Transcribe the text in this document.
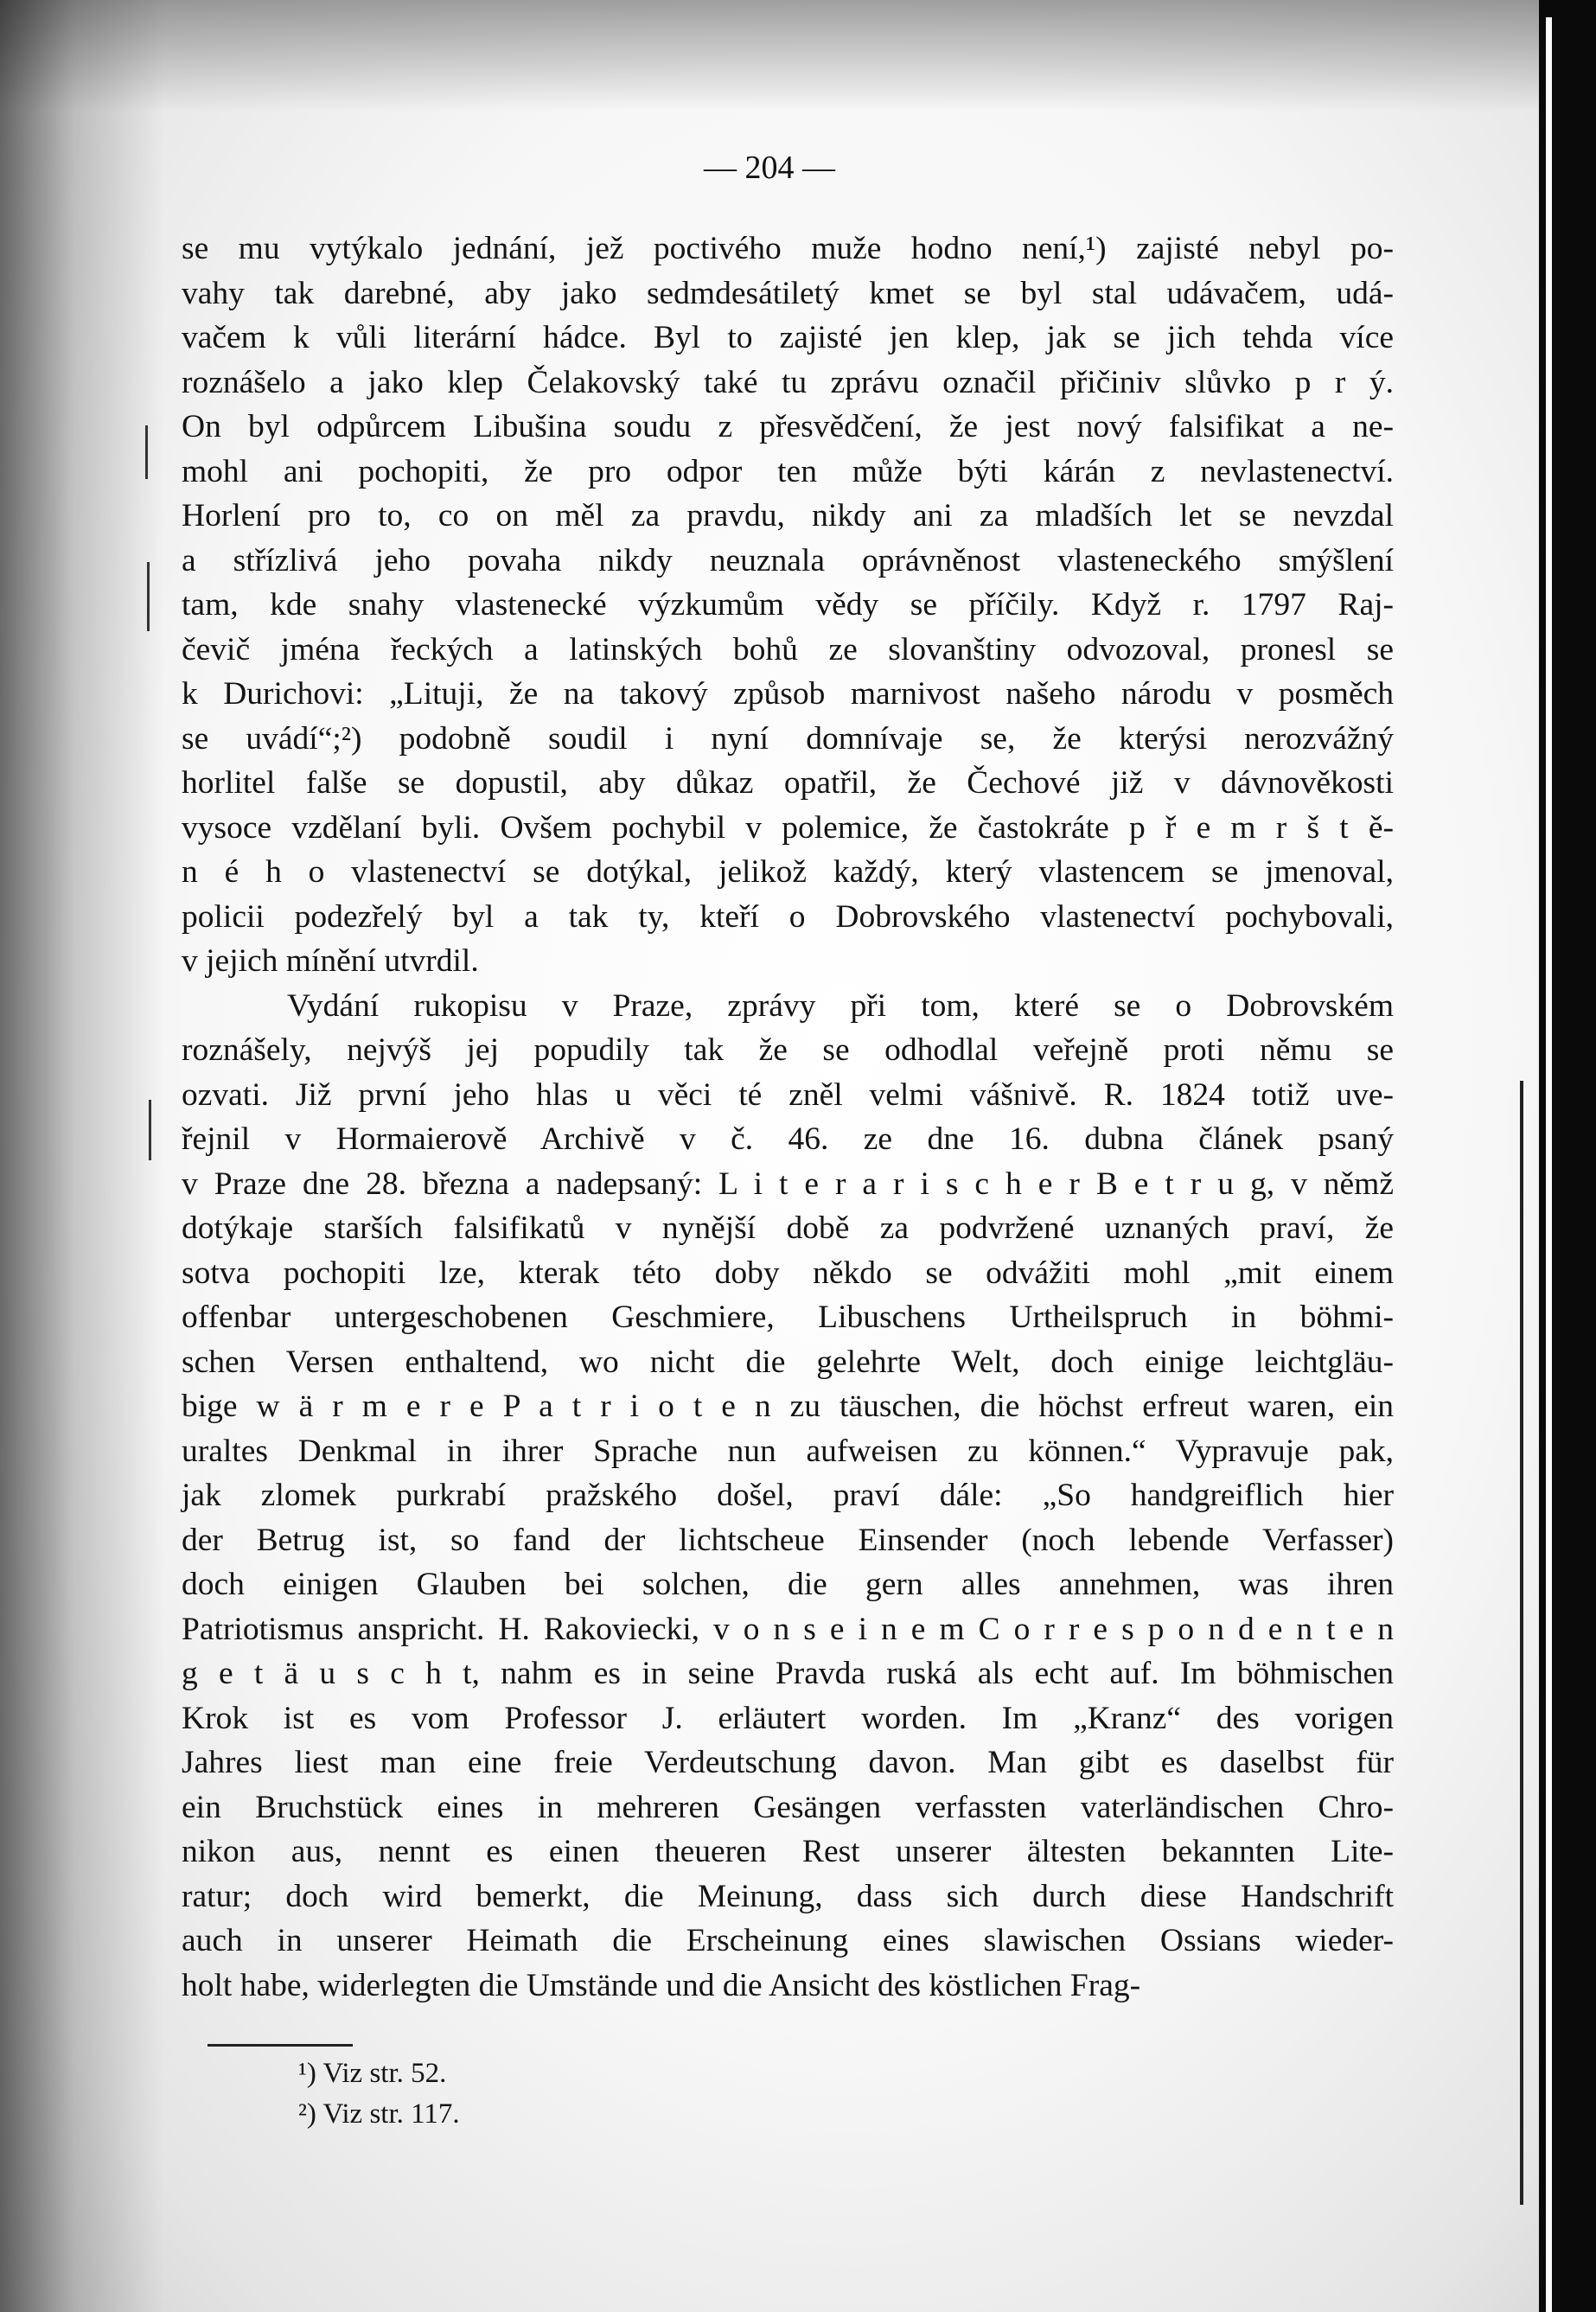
— 204 —
se mu vytýkalo jednání, jež poctivého muže hodno není,¹) zajisté nebyl po-
vahy tak darebné, aby jako sedmdesátiletý kmet se byl stal udávačem, udá-
vačem k vůli literární hádce. Byl to zajisté jen klep, jak se jich tehda více
roznášelo a jako klep Čelakovský také tu zprávu označil přičiniv slůvko p r ý.
On byl odpůrcem Libušina soudu z přesvědčení, že jest nový falsifikat a ne-
mohl ani pochopiti, že pro odpor ten může býti kárán z nevlastenectví.
Horlení pro to, co on měl za pravdu, nikdy ani za mladších let se nevzdal
a střízlivá jeho povaha nikdy neuznala oprávněnost vlasteneckého smýšlení
tam, kde snahy vlastenecké výzkumům vědy se příčily. Když r. 1797 Raj-
čevič jména řeckých a latinských bohů ze slovanštiny odvozoval, pronesl se
k Durichovi: „Lituji, že na takový způsob marnivost našeho národu v posměch
se uvádí“;²) podobně soudil i nyní domnívaje se, že kterýsi nerozvážný
horlitel falše se dopustil, aby důkaz opatřil, že Čechové již v dávnověkosti
vysoce vzdělaní byli. Ovšem pochybil v polemice, že častokráte p ř e m r š t ě-
n é h o vlastenectví se dotýkal, jelikož každý, který vlastencem se jmenoval,
policii podezřelý byl a tak ty, kteří o Dobrovského vlastenectví pochybovali,
v jejich mínění utvrdil.
Vydání rukopisu v Praze, zprávy při tom, které se o Dobrovském
roznášely, nejvýš jej popudily tak že se odhodlal veřejně proti němu se
ozvati. Již první jeho hlas u věci té zněl velmi vášnivě. R. 1824 totiž uve-
řejnil v Hormaierově Archivě v č. 46. ze dne 16. dubna článek psaný
v Praze dne 28. března a nadepsaný: L i t e r a r i s c h e r B e t r u g, v němž
dotýkaje starších falsifikatů v nynější době za podvržené uznaných praví, že
sotva pochopiti lze, kterak této doby někdo se odvážiti mohl „mit einem
offenbar untergeschobenen Geschmiere, Libuschens Urtheilspruch in böhmi-
schen Versen enthaltend, wo nicht die gelehrte Welt, doch einige leichtgläu-
bige w ä r m e r e P a t r i o t e n zu täuschen, die höchst erfreut waren, ein
uraltes Denkmal in ihrer Sprache nun aufweisen zu können.“ Vypravuje pak,
jak zlomek purkrabí pražského došel, praví dále: „So handgreiflich hier
der Betrug ist, so fand der lichtscheue Einsender (noch lebende Verfasser)
doch einigen Glauben bei solchen, die gern alles annehmen, was ihren
Patriotismus anspricht. H. Rakoviecki, v o n s e i n e m C o r r e s p o n d e n t e n
g e t ä u s c h t, nahm es in seine Pravda ruská als echt auf. Im böhmischen
Krok ist es vom Professor J. erläutert worden. Im „Kranz“ des vorigen
Jahres liest man eine freie Verdeutschung davon. Man gibt es daselbst für
ein Bruchstück eines in mehreren Gesängen verfassten vaterländischen Chro-
nikon aus, nennt es einen theueren Rest unserer ältesten bekannten Lite-
ratur; doch wird bemerkt, die Meinung, dass sich durch diese Handschrift
auch in unserer Heimath die Erscheinung eines slawischen Ossians wieder-
holt habe, widerlegten die Umstände und die Ansicht des köstlichen Frag-
¹) Viz str. 52.
²) Viz str. 117.
